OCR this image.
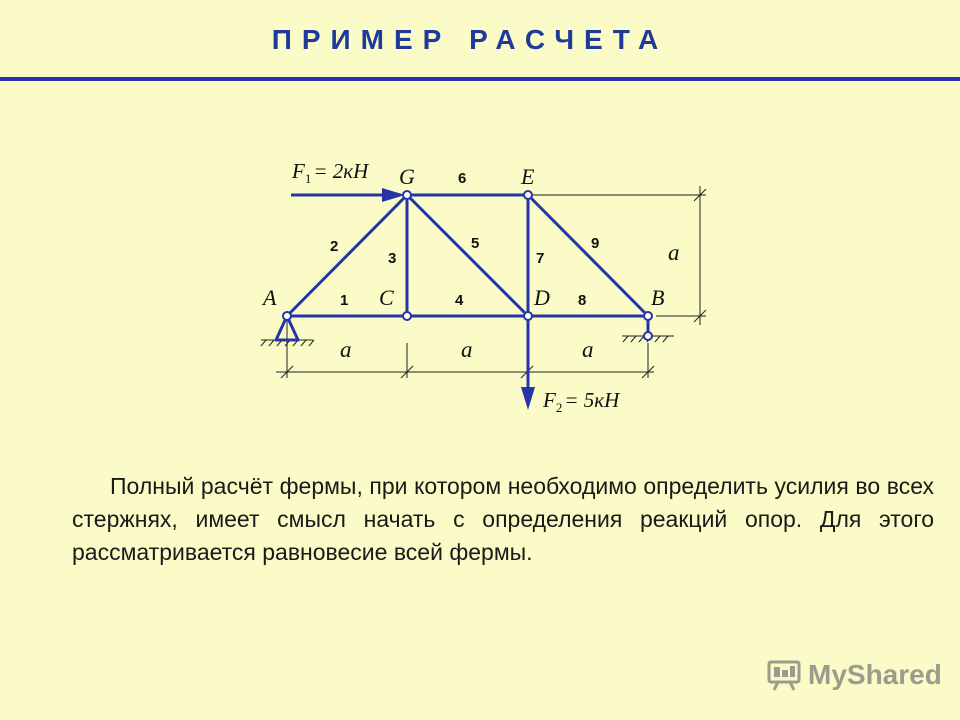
ПРИМЕР РАСЧЕТА
A	C	D	B
G	E
1
2
3
4
5
6
7
8
9
a	a	a
a
$F_1= 2кН$
$F_2= 5кН$
Полный расчёт фермы, при котором необходимо определить усилия во всех стержнях, имеет смысл начать с определения реакций опор. Для этого рассматривается равновесие всей фермы.
MyShared
